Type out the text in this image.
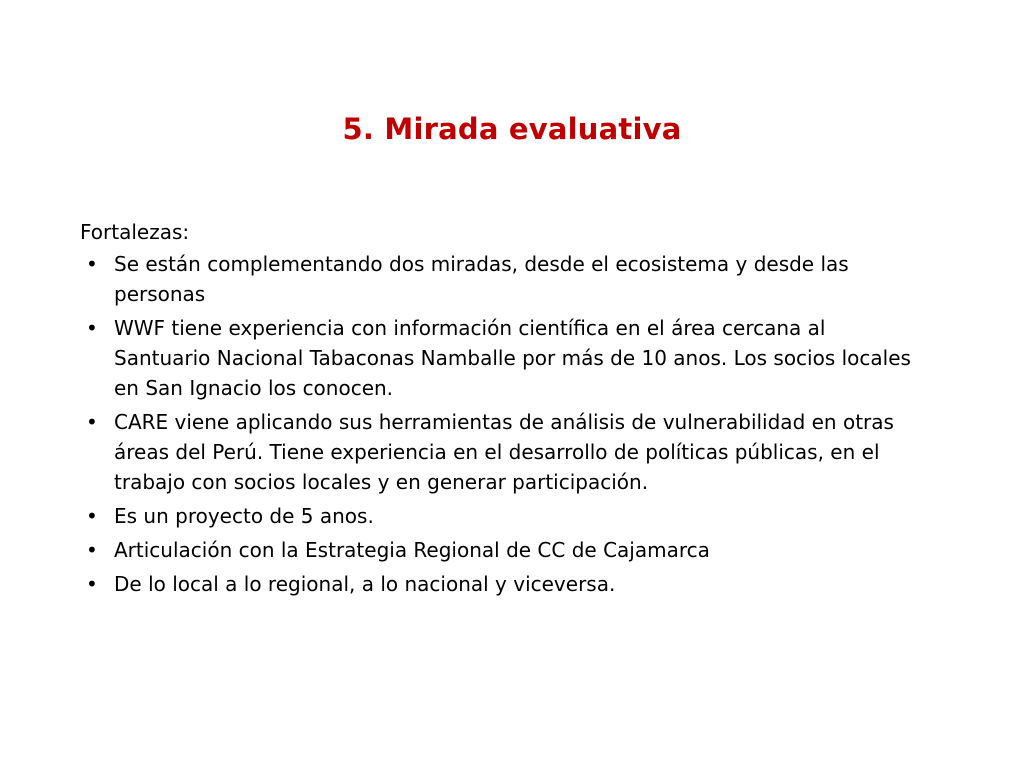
5. Mirada evaluativa
Fortalezas:
• Se están complementando dos miradas, desde el ecosistema y desde las personas
• WWF tiene experiencia con información científica en el área cercana al Santuario Nacional Tabaconas Namballe por más de 10 anos. Los socios locales en San Ignacio los conocen.
• CARE viene aplicando sus herramientas de análisis de vulnerabilidad en otras áreas del Perú. Tiene experiencia en el desarrollo de políticas públicas, en el trabajo con socios locales y en generar participación.
• Es un proyecto de 5 anos.
• Articulación con la Estrategia Regional de CC de Cajamarca
• De lo local a lo regional, a lo nacional y viceversa.
